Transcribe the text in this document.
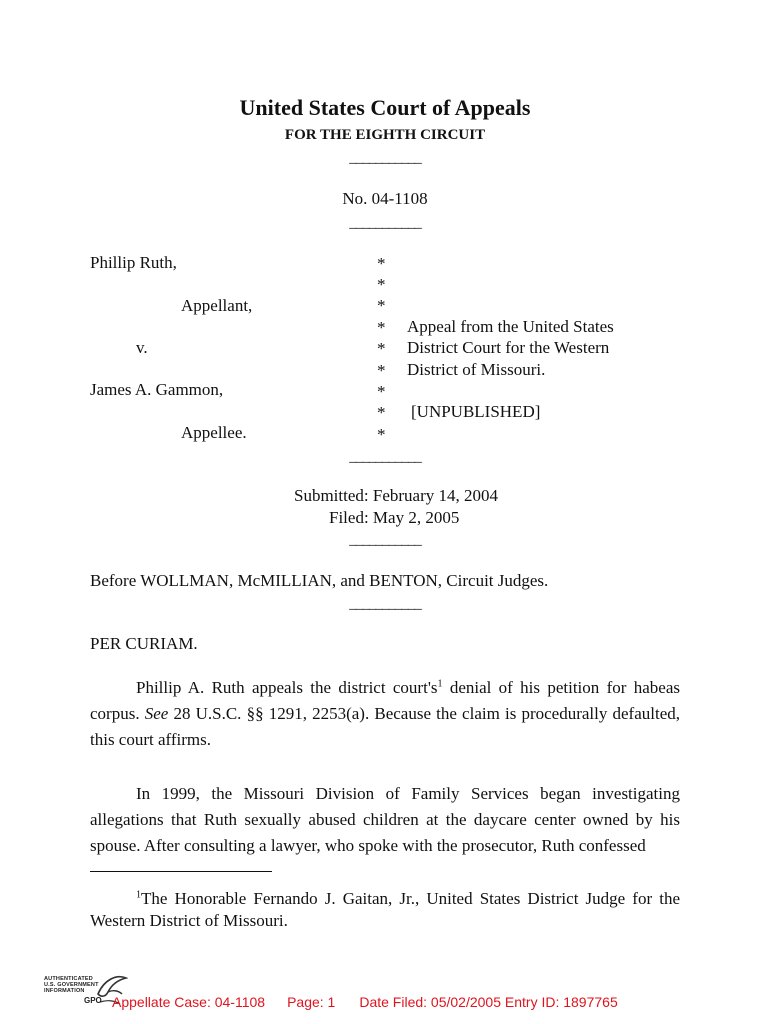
United States Court of Appeals
FOR THE EIGHTH CIRCUIT
___________
No. 04-1108
___________
Phillip Ruth,
Appellant,
v.
James A. Gammon,
Appellee.
*
*
*
*
*
*
*
*
*
Appeal from the United States
District Court for the Western
District of Missouri.
[UNPUBLISHED]
___________
Submitted: February 14, 2004
Filed: May 2, 2005
___________
Before WOLLMAN, McMILLIAN, and BENTON, Circuit Judges.
___________
PER CURIAM.
Phillip A. Ruth appeals the district $court's^1$ denial of his petition for habeas corpus. See 28 U.S.C. §§ 1291, 2253(a). Because the claim is procedurally defaulted, this court affirms.
In 1999, the Missouri Division of Family Services began investigating allegations that Ruth sexually abused children at the daycare center owned by his spouse. After consulting a lawyer, who spoke with the prosecutor, Ruth confessed
$^1$The Honorable Fernando J. Gaitan, Jr., United States District Judge for the Western District of Missouri.
AUTHENTICATED
U.S. GOVERNMENT
INFORMATION
GPO Appellate Case: 04-1108 Page: 1 Date Filed: 05/02/2005 Entry ID: 1897765
